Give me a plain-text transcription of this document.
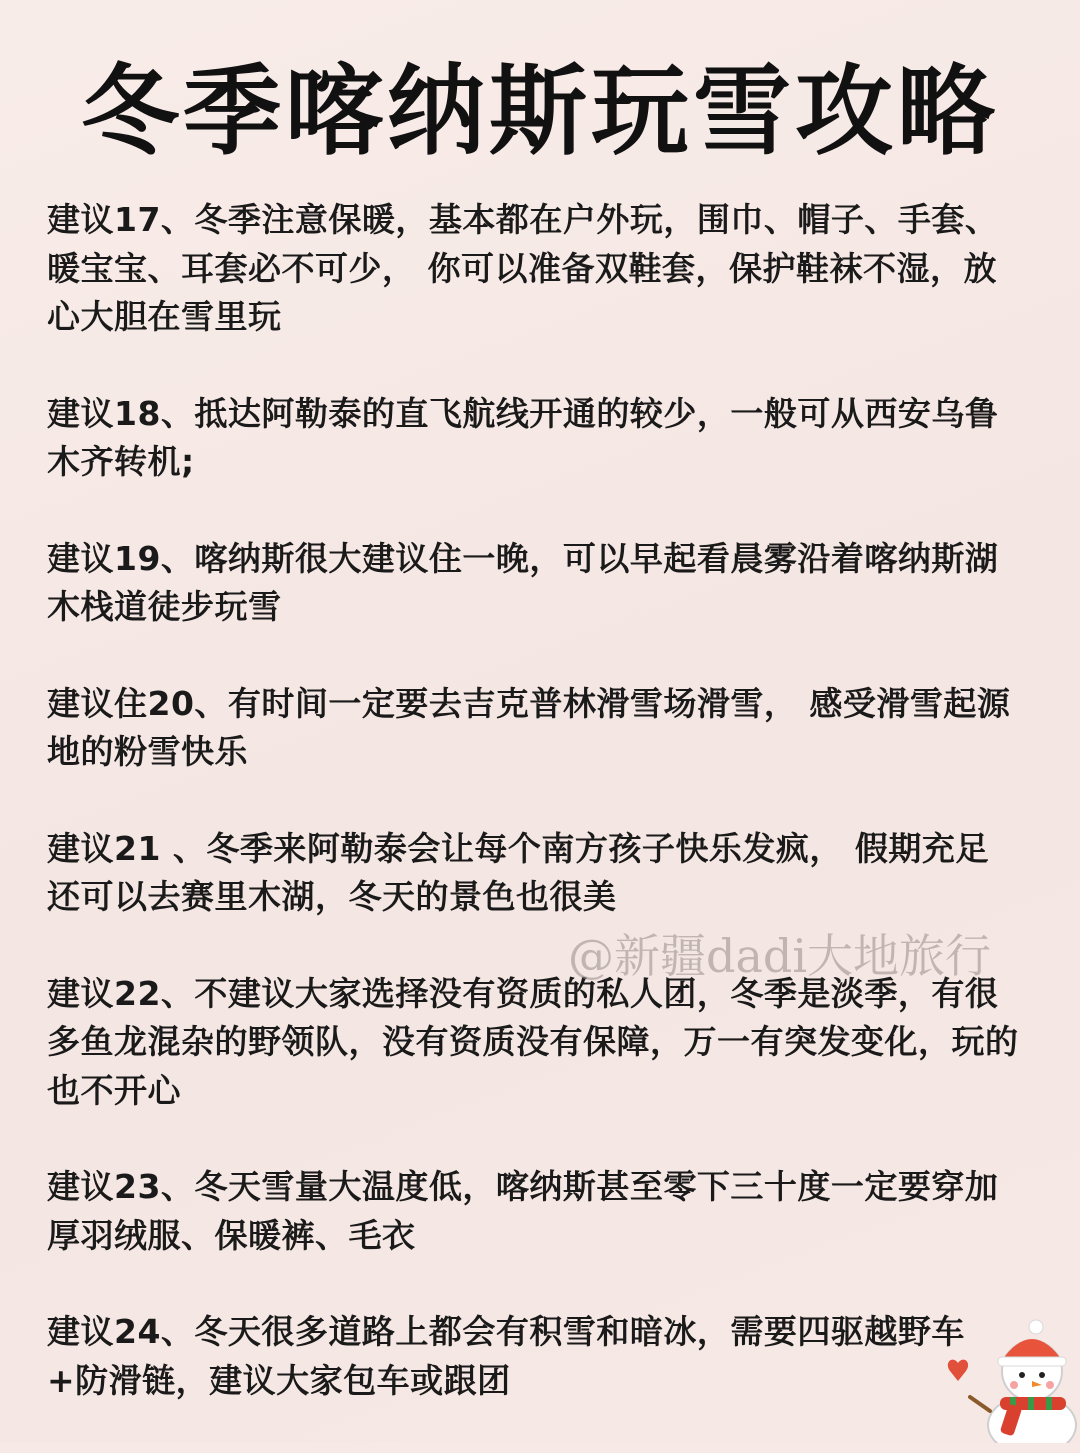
冬季喀纳斯玩雪攻略

建议17、冬季注意保暖，基本都在户外玩，围巾、帽子、手套、暖宝宝、耳套必不可少， 你可以准备双鞋套，保护鞋袜不湿，放心大胆在雪里玩

建议18、抵达阿勒泰的直飞航线开通的较少，一般可从西安乌鲁木齐转机;

建议19、喀纳斯很大建议住一晚，可以早起看晨雾沿着喀纳斯湖木栈道徒步玩雪

建议住20、有时间一定要去吉克普林滑雪场滑雪， 感受滑雪起源地的粉雪快乐

建议21 、冬季来阿勒泰会让每个南方孩子快乐发疯， 假期充足还可以去赛里木湖，冬天的景色也很美

建议22、不建议大家选择没有资质的私人团，冬季是淡季，有很多鱼龙混杂的野领队，没有资质没有保障，万一有突发变化，玩的也不开心

建议23、冬天雪量大温度低，喀纳斯甚至零下三十度一定要穿加厚羽绒服、保暖裤、毛衣

建议24、冬天很多道路上都会有积雪和暗冰，需要四驱越野车+防滑链，建议大家包车或跟团

@新疆dadi大地旅行
